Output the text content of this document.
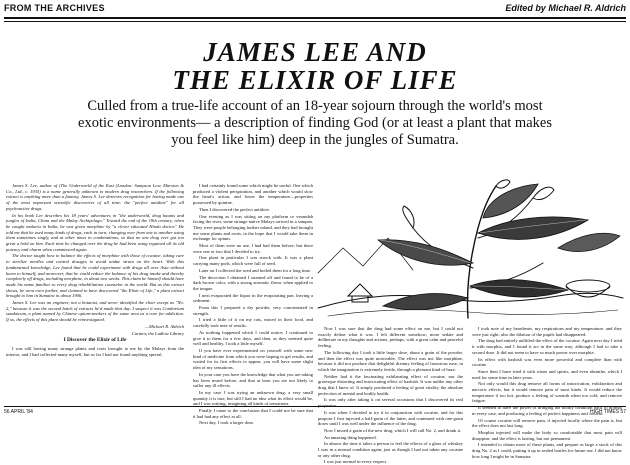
FROM THE ARCHIVES	Edited by Michael R. Aldrich
JAMES LEE AND
THE ELIXIR OF LIFE
Culled from a true-life account of an 18-year sojourn through the world's most exotic environments— a description of finding God (or at least a plant that makes you feel like him) deep in the jungles of Sumatra.

James S. Lee, author of (The Underworld of the East (London: Sampson Low, Marston & Co., Ltd., c. 1935) is a name generally unknown to modern drug researchers. If the following extract is anything more than a fantasy, James S. Lee deserves recognition for having made one of the most important scientific discoveries of all time: the "perfect antidote" for all psychoactive drugs.

In his book Lee describes his 18 years' adventures in "the underworld, drug haunts and jungles of India, China and the Malay Archipelago." Toward the end of the 19th century, when he caught malaria in India, he was given morphine by "a clever educated Hindu doctor." He told me that he used many kinds of drugs, each in turn; changing over from one to another using them sometimes singly, and at other times in combinations, so that no one drug ever got too great a hold on him. Each time he changed over the drug he had been using regained all its old potency and charm when commenced again.

The doctor taught how to balance the effects of morphine with those of cocaine, taking care to sterilize needles and control dosages to avoid undue strain on the heart. With this fundamental knowledge, Lee found that he could experiment with drugs all over Asia without harm to himself, and moreover, that he could reduce the balance of his drug intake and thereby completely off drugs, including morphine, in about two weeks. This claim he himself should have made his name familiar to every drug rehabilitation counselor in the world. But as this extract shows, he went even further, and claimed to have discovered "the Elixir of Life," a plant extract brought to him in Sumatra in about 1906.

James S. Lee was an engineer, not a botanist, and never identified the elixir except as "No. 2," because it was the second batch of extracts he'd made that day. I suspect it was Combretum sundaicum, a plant named by Chinese opium-smokers of the same area as a cure for addiction. If so, the effects of this plant should be reinvestigated.

—Michael R. Aldrich

Curator, the Ludlow Library

I Discover the Elixir of Life

I was still having many strange plants and roots brought to me by the Malays from the interior, and I had collected many myself, but so far I had not found anything special.

I had certainly found some which might be useful. One which produced a violent perspiration, and another which would slow the heart's action, and lower the temperature—properties possessed by quinine.

Then I discovered the perfect antidote.

One evening as I was sitting on my platform or verandah facing the river, some strange native Malays arrived in a sampan. They were people belonging further inland, and they had brought me some plants and roots, in the hope that I would take them in exchange for opium.

Most of them were no use, I had had them before; but there were one or two that I decided to try.

One plant in particular I was struck with. It was a plant carrying many pods, which were full of seed.

Later on I collected the seed and boiled them for a long time.

The decoction I obtained I strained off and found to be of a dark brown color, with a strong aromatic flavor when applied to the tongue.

I next evaporated the liquor in the evaporating pan, leaving a sediment.

From this I prepared a dry powder, very concentrated in strength.

I tried a little of it on my rats, mixed in their food, and carefully took note of results.

As nothing happened which I could notice, I continued to give it to them for a few days, and then, as they seemed quite well and healthy, I took a little myself.

If you have ever experimented on yourself with some new kind of medicine from which you were hoping to get results, and waited for its first effects to appear, you will have some slight idea of my sensations.

In your case you have the knowledge that what you are taking has been tested before, and that at least you are not likely to suffer any ill effects.

In my case I was trying an unknown drug; a very small quantity it is true, but still I had no idea what its effect would be, and I was waiting, imagining all kinds of sensations.

Finally I came to the conclusion that I could not be sure that it had had any effect at all.

Next day, I took a larger dose.

Now I was sure that the drug had some effect on me, but I could not exactly define what it was. I felt different somehow; more sedate and deliberate in my thoughts and actions, perhaps, with a great calm and peaceful feeling.

The following day I took a little larger dose, about a grain of the powder, and then the effect was quite noticeable. The effect was not like morphine, because it did not produce that delightful dreamy feeling of luxurious ease, in which the imagination is extremely fertile, through a pleasant kind of haze.

Neither had it the fascinating exhilarating effect of cocaine, nor the grotesque distorting and intoxicating effect of hashish. It was unlike any other drug that I knew of. It simply produced a feeling of great vitality, the absolute perfection of mental and bodily health.

It was only after taking it on several occasions that I discovered its real properties.

It was when I decided to try it in conjunction with cocaine, and for this purpose I first injected a half-grain of the latter, and continued with one-grain doses until I was well under the influence of the drug.

Now I mixed a grain of the new drug, which I will call No. 2, and drank it.

An amazing thing happened.

In almost the time it takes a person to feel the effects of a glass of whiskey I was in a normal condition again; just as though I had not taken any cocaine or any other drug.

I was just normal in every respect.

I took note of my heartbeats, my respirations and my temperature, and they were just right; also the dilation of the pupils had disappeared.

The drug had entirely nullified the effect of the cocaine. Again next day I tried it with morphia, and I found it act in the same way; although I had to take a second dose. It did not seem to have so much power over morphia.

Its effect with hashish was even more powerful and complete than with cocaine.

Since then I have tried it with wines and spirits, and even absinthe, which I used for some time in later years.

Not only would this drug remove all forms of intoxication, exhilaration and narcotic effects, but it would remove pain of most kinds. It would reduce the temperature if too hot, produce a feeling of warmth when too cold, and remove fatigue.

It seemed to have the power of bringing the bodily condition back to normal in every case, and producing a feeling of perfect happiness and content.

Of course cocaine will remove pain, if injected locally where the pain is, but the effect does not last long.

Morphia injected will make the body so comfortable that most pain will disappear, and the effect is lasting, but not permanent.

I intended to obtain more of these plants, and prepare as large a stock of this drug No. 2 as I could, putting it up in sealed bottles for future use. I did not know how long I might be in Sumatra.

56 APRIL '84	HIGH TIMES 57
